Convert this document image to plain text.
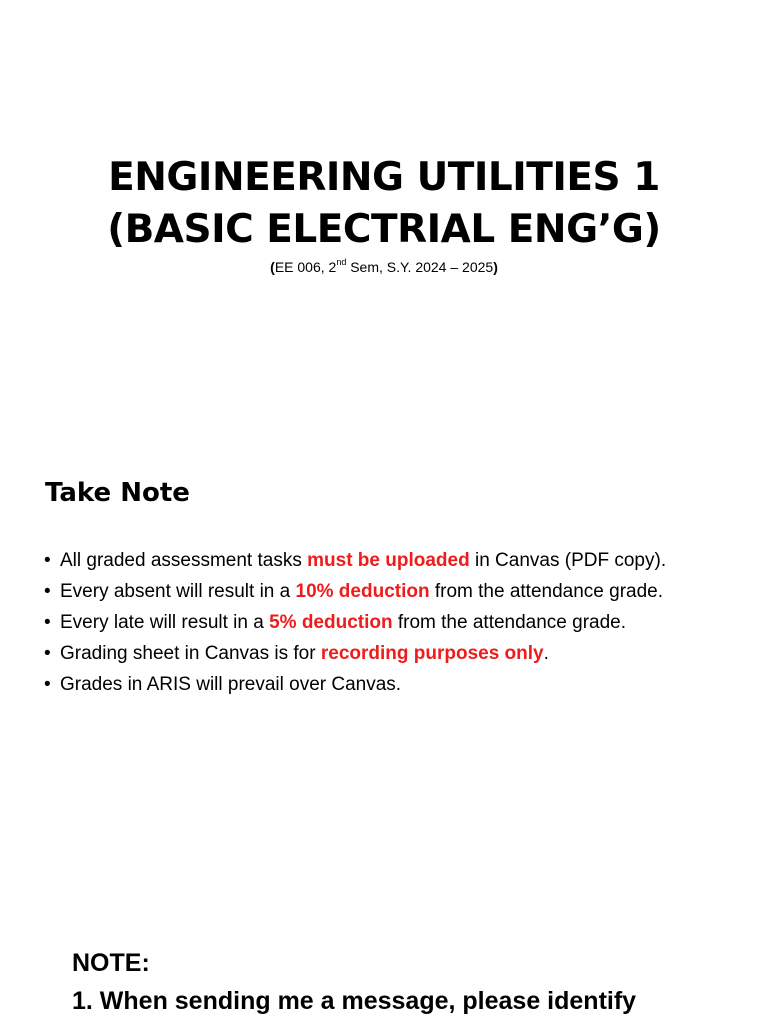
ENGINEERING UTILITIES 1
(BASIC ELECTRIAL ENG’G)
(EE 006, 2nd Sem, S.Y. 2024 – 2025)
Take Note
• All graded assessment tasks must be uploaded in Canvas (PDF copy).
• Every absent will result in a 10% deduction from the attendance grade.
• Every late will result in a 5% deduction from the attendance grade.
• Grading sheet in Canvas is for recording purposes only.
• Grades in ARIS will prevail over Canvas.
NOTE:
1. When sending me a message, please identify
